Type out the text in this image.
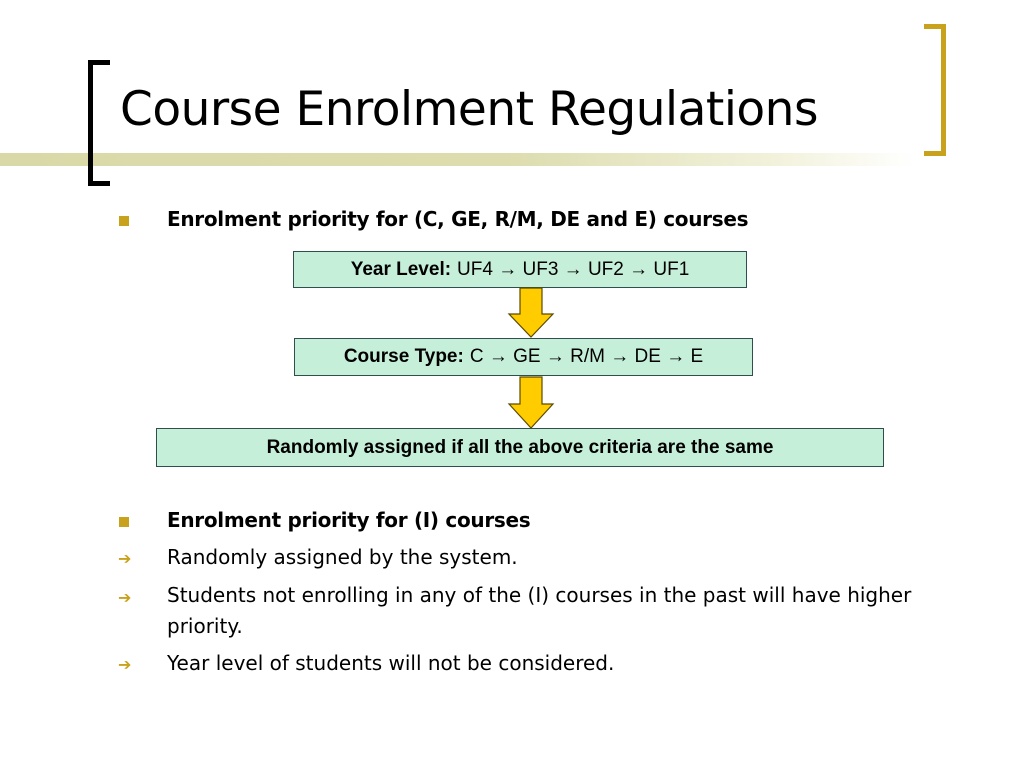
Course Enrolment Regulations
Enrolment priority for (C, GE, R/M, DE and E) courses
Year Level: UF4 → UF3 → UF2 → UF1
Course Type: C → GE → R/M → DE → E
Randomly assigned if all the above criteria are the same
Enrolment priority for (I) courses
➔ Randomly assigned by the system.
➔ Students not enrolling in any of the (I) courses in the past will have higher priority.
➔ Year level of students will not be considered.
